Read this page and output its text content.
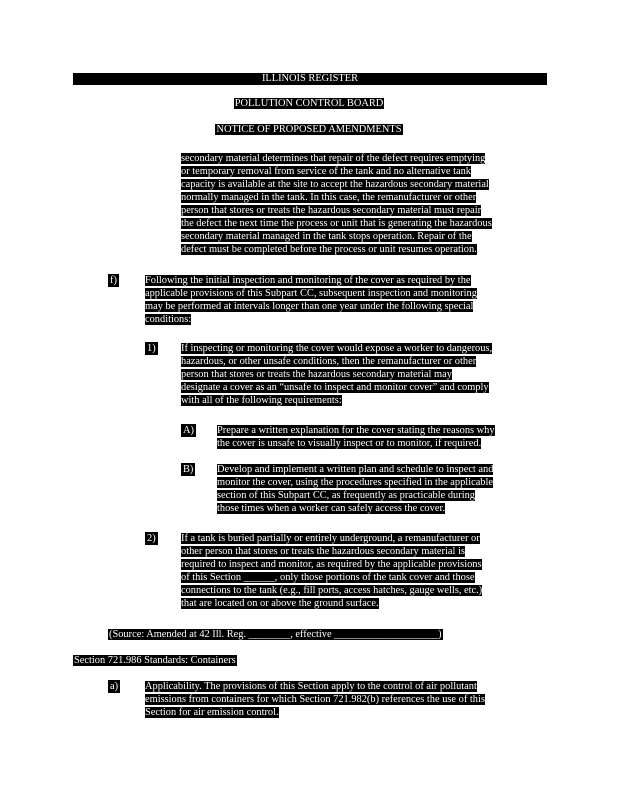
ILLINOIS REGISTER
POLLUTION CONTROL BOARD
NOTICE OF PROPOSED AMENDMENTS
secondary material determines that repair of the defect requires emptying
or temporary removal from service of the tank and no alternative tank
capacity is available at the site to accept the hazardous secondary material
normally managed in the tank. In this case, the remanufacturer or other
person that stores or treats the hazardous secondary material must repair
the defect the next time the process or unit that is generating the hazardous
secondary material managed in the tank stops operation. Repair of the
defect must be completed before the process or unit resumes operation.
f)	Following the initial inspection and monitoring of the cover as required by the
applicable provisions of this Subpart CC, subsequent inspection and monitoring
may be performed at intervals longer than one year under the following special
conditions:
1) If inspecting or monitoring the cover would expose a worker to dangerous,
hazardous, or other unsafe conditions, then the remanufacturer or other
person that stores or treats the hazardous secondary material may
designate a cover as an “unsafe to inspect and monitor cover” and comply
with all of the following requirements:
A) Prepare a written explanation for the cover stating the reasons why
the cover is unsafe to visually inspect or to monitor, if required.
B) Develop and implement a written plan and schedule to inspect and
monitor the cover, using the procedures specified in the applicable
section of this Subpart CC, as frequently as practicable during
those times when a worker can safely access the cover.
2) If a tank is buried partially or entirely underground, a remanufacturer or
other person that stores or treats the hazardous secondary material is
required to inspect and monitor, as required by the applicable provisions
of this Section ______, only those portions of the tank cover and those
connections to the tank (e.g., fill ports, access hatches, gauge wells, etc.)
that are located on or above the ground surface.
(Source: Amended at 42 Ill. Reg. ________, effective ____________________)
Section 721.986 Standards: Containers
a)	Applicability. The provisions of this Section apply to the control of air pollutant
emissions from containers for which Section 721.982(b) references the use of this
Section for air emission control.
